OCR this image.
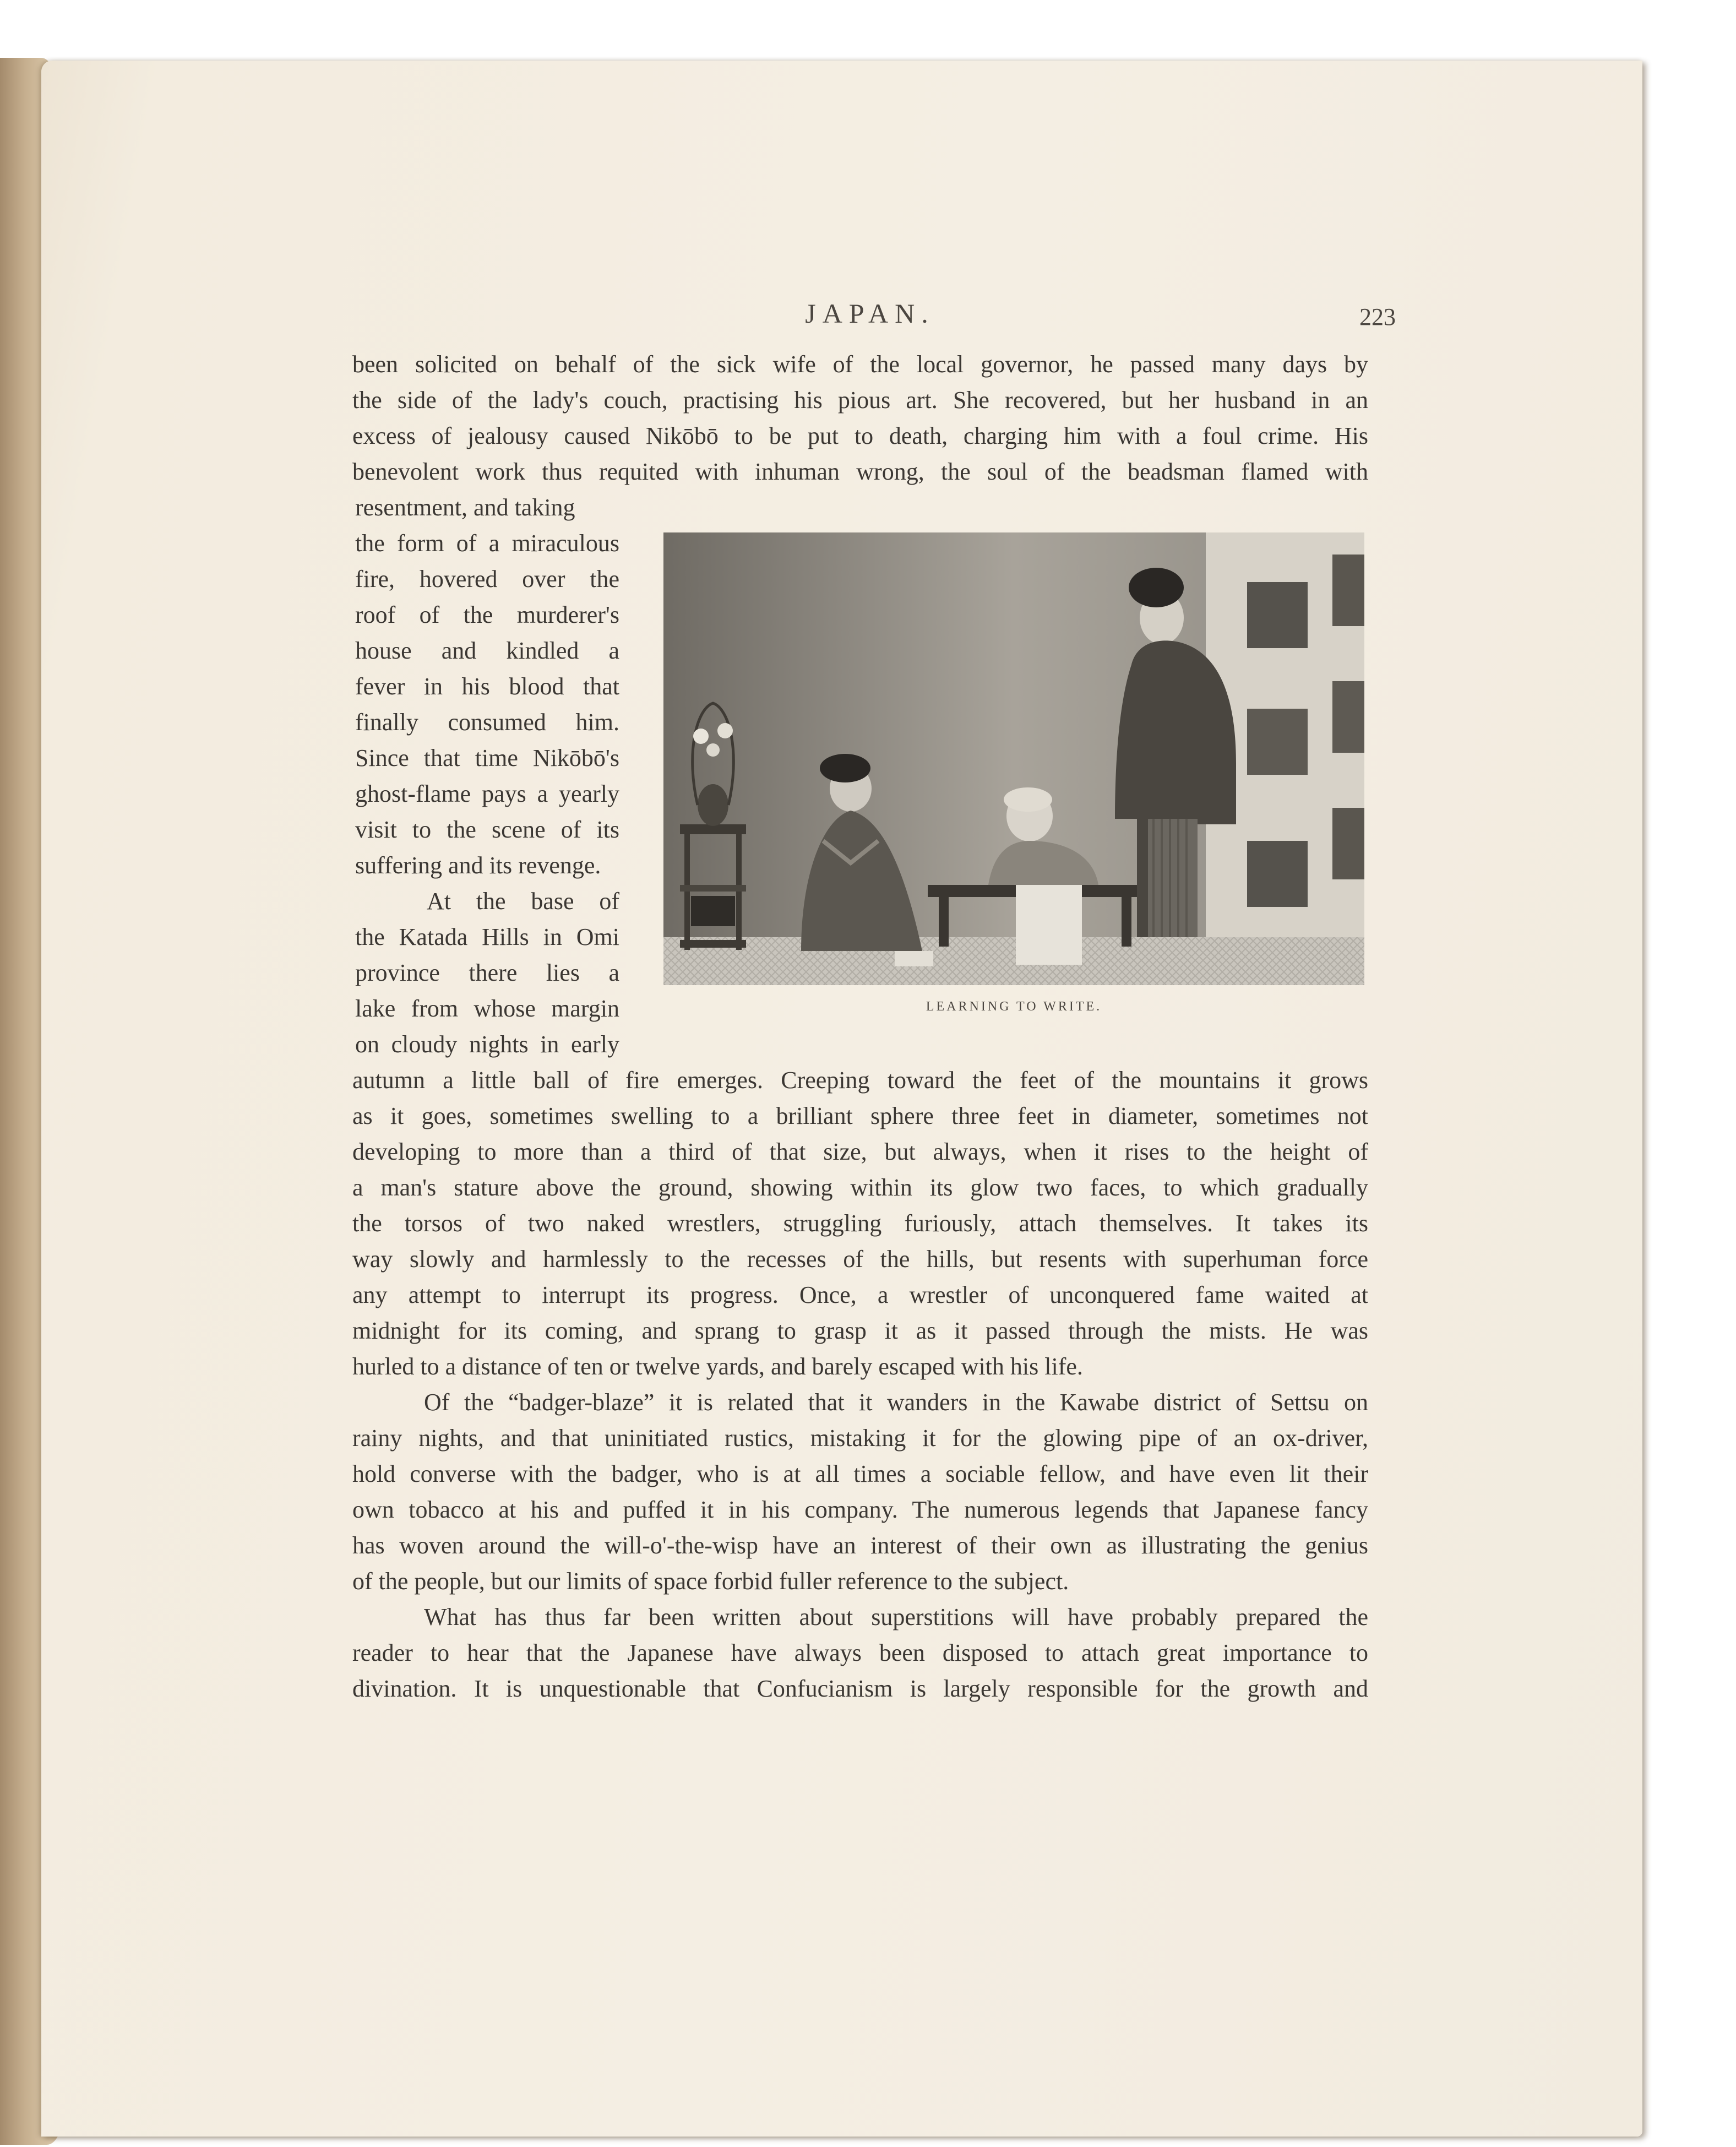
JAPAN.	223
been solicited on behalf of the sick wife of the local governor, he passed many days by
the side of the lady's couch, practising his pious art. She recovered, but her husband in an
excess of jealousy caused Nikōbō to be put to death, charging him with a foul crime. His
benevolent work thus requited with inhuman wrong, the soul of the beadsman flamed with
resentment, and taking
the form of a miraculous
fire, hovered over the
roof of the murderer's
house and kindled a
fever in his blood that
finally consumed him.
Since that time Nikōbō's
ghost-flame pays a yearly
visit to the scene of its
suffering and its revenge.
At the base of
the Katada Hills in Omi
province there lies a
lake from whose margin
on cloudy nights in early
LEARNING TO WRITE.
autumn a little ball of fire emerges. Creeping toward the feet of the mountains it grows
as it goes, sometimes swelling to a brilliant sphere three feet in diameter, sometimes not
developing to more than a third of that size, but always, when it rises to the height of
a man's stature above the ground, showing within its glow two faces, to which gradually
the torsos of two naked wrestlers, struggling furiously, attach themselves. It takes its
way slowly and harmlessly to the recesses of the hills, but resents with superhuman force
any attempt to interrupt its progress. Once, a wrestler of unconquered fame waited at
midnight for its coming, and sprang to grasp it as it passed through the mists. He was
hurled to a distance of ten or twelve yards, and barely escaped with his life.
Of the “badger-blaze” it is related that it wanders in the Kawabe district of Settsu on
rainy nights, and that uninitiated rustics, mistaking it for the glowing pipe of an ox-driver,
hold converse with the badger, who is at all times a sociable fellow, and have even lit their
own tobacco at his and puffed it in his company. The numerous legends that Japanese fancy
has woven around the will-o'-the-wisp have an interest of their own as illustrating the genius
of the people, but our limits of space forbid fuller reference to the subject.
What has thus far been written about superstitions will have probably prepared the
reader to hear that the Japanese have always been disposed to attach great importance to
divination. It is unquestionable that Confucianism is largely responsible for the growth and
